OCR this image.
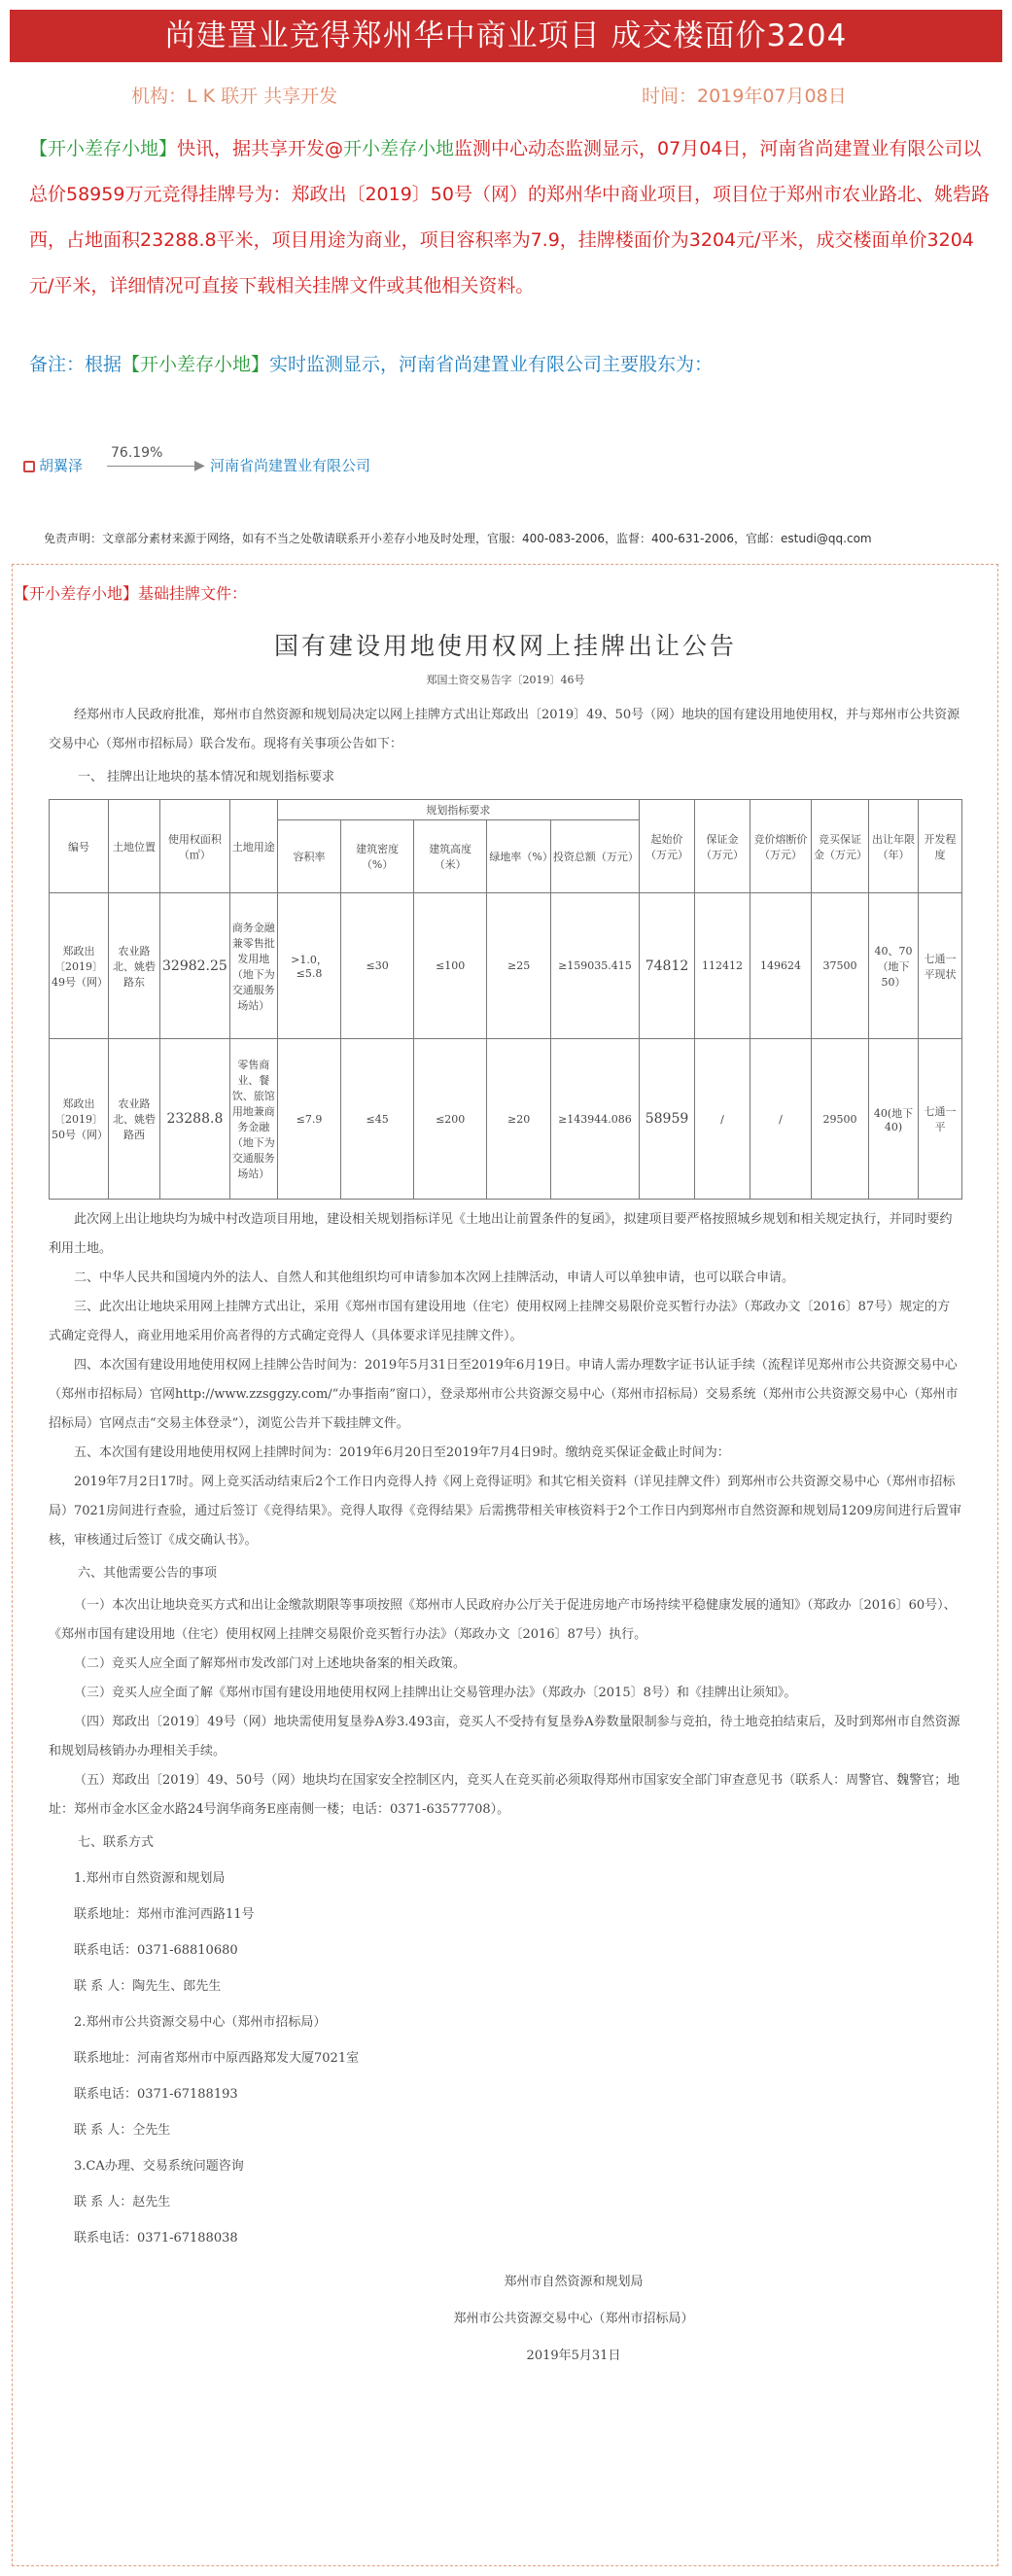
尚建置业竞得郑州华中商业项目 成交楼面价3204
机构：L K 联开 共享开发	时间：2019年07月08日
【开小差存小地】快讯，据共享开发@开小差存小地监测中心动态监测显示，07月04日，河南省尚建置业有限公司以总价58959万元竞得挂牌号为：郑政出〔2019〕50号（网）的郑州华中商业项目，项目位于郑州市农业路北、姚砦路西，占地面积23288.8平米，项目用途为商业，项目容积率为7.9，挂牌楼面价为3204元/平米，成交楼面单价3204元/平米，详细情况可直接下载相关挂牌文件或其他相关资料。
备注：根据【开小差存小地】实时监测显示，河南省尚建置业有限公司主要股东为：
胡翼泽
76.19%
▶ 河南省尚建置业有限公司
免责声明：文章部分素材来源于网络，如有不当之处敬请联系开小差存小地及时处理，官服：400-083-2006，监督：400-631-2006，官邮：estudi@qq.com
【开小差存小地】基础挂牌文件：
国有建设用地使用权网上挂牌出让公告

郑国土资交易告字〔2019〕46号

经郑州市人民政府批准，郑州市自然资源和规划局决定以网上挂牌方式出让郑政出〔2019〕49、50号（网）地块的国有建设用地使用权，并与郑州市公共资源交易中心（郑州市招标局）联合发布。现将有关事项公告如下：

一、 挂牌出让地块的基本情况和规划指标要求

编号	土地位置	使用权面积（㎡）	土地用途	规划指标要求					起始价（万元）	保证金（万元）	竞价熔断价（万元）	竞买保证金（万元）	出让年限（年）	开发程度
				容积率	建筑密度（%）	建筑高度（米）	绿地率（%）	投资总额（万元）						
郑政出〔2019〕49号（网）	农业路北、姚砦路东	32982.25	商务金融兼零售批发用地（地下为交通服务场站）	>1.0，≤5.8	≤30	≤100	≥25	≥159035.415	74812	112412	149624	37500	40、70（地下50）	七通一平现状
郑政出〔2019〕50号（网）	农业路北、姚砦路西	23288.8	零售商业、餐饮、旅馆用地兼商务金融（地下为交通服务场站）	≤7.9	≤45	≤200	≥20	≥143944.086	58959	/	/	29500	40(地下40)	七通一平

此次网上出让地块均为城中村改造项目用地，建设相关规划指标详见《土地出让前置条件的复函》，拟建项目要严格按照城乡规划和相关规定执行，并同时要约利用土地。

二、中华人民共和国境内外的法人、自然人和其他组织均可申请参加本次网上挂牌活动，申请人可以单独申请，也可以联合申请。

三、此次出让地块采用网上挂牌方式出让，采用《郑州市国有建设用地（住宅）使用权网上挂牌交易限价竞买暂行办法》（郑政办文〔2016〕87号）规定的方式确定竞得人，商业用地采用价高者得的方式确定竞得人（具体要求详见挂牌文件）。

四、本次国有建设用地使用权网上挂牌公告时间为：2019年5月31日至2019年6月19日。申请人需办理数字证书认证手续（流程详见郑州市公共资源交易中心（郑州市招标局）官网http://www.zzsggzy.com/“办事指南”窗口），登录郑州市公共资源交易中心（郑州市招标局）交易系统（郑州市公共资源交易中心（郑州市招标局）官网点击“交易主体登录”），浏览公告并下载挂牌文件。

五、本次国有建设用地使用权网上挂牌时间为：2019年6月20日至2019年7月4日9时。缴纳竞买保证金截止时间为：

2019年7月2日17时。网上竞买活动结束后2个工作日内竞得人持《网上竞得证明》和其它相关资料（详见挂牌文件）到郑州市公共资源交易中心（郑州市招标局）7021房间进行查验，通过后签订《竞得结果》。竞得人取得《竞得结果》后需携带相关审核资料于2个工作日内到郑州市自然资源和规划局1209房间进行后置审核，审核通过后签订《成交确认书》。

六、其他需要公告的事项

（一）本次出让地块竞买方式和出让金缴款期限等事项按照《郑州市人民政府办公厅关于促进房地产市场持续平稳健康发展的通知》（郑政办〔2016〕60号）、《郑州市国有建设用地（住宅）使用权网上挂牌交易限价竞买暂行办法》（郑政办文〔2016〕87号）执行。

（二）竞买人应全面了解郑州市发改部门对上述地块备案的相关政策。

（三）竞买人应全面了解《郑州市国有建设用地使用权网上挂牌出让交易管理办法》（郑政办〔2015〕8号）和《挂牌出让须知》。

（四）郑政出〔2019〕49号（网）地块需使用复垦券A券3.493亩，竞买人不受持有复垦券A券数量限制参与竞拍，待土地竞拍结束后，及时到郑州市自然资源和规划局核销办办理相关手续。

（五）郑政出〔2019〕49、50号（网）地块均在国家安全控制区内，竞买人在竞买前必须取得郑州市国家安全部门审查意见书（联系人：周警官、魏警官；地址：郑州市金水区金水路24号润华商务E座南侧一楼；电话：0371-63577708）。

七、联系方式

1.郑州市自然资源和规划局

联系地址：郑州市淮河西路11号

联系电话：0371-68810680

联 系 人：陶先生、郎先生

2.郑州市公共资源交易中心（郑州市招标局）

联系地址：河南省郑州市中原西路郑发大厦7021室

联系电话：0371-67188193

联 系 人：仝先生

3.CA办理、交易系统问题咨询

联 系 人：赵先生

联系电话：0371-67188038

郑州市自然资源和规划局
郑州市公共资源交易中心（郑州市招标局）
2019年5月31日
